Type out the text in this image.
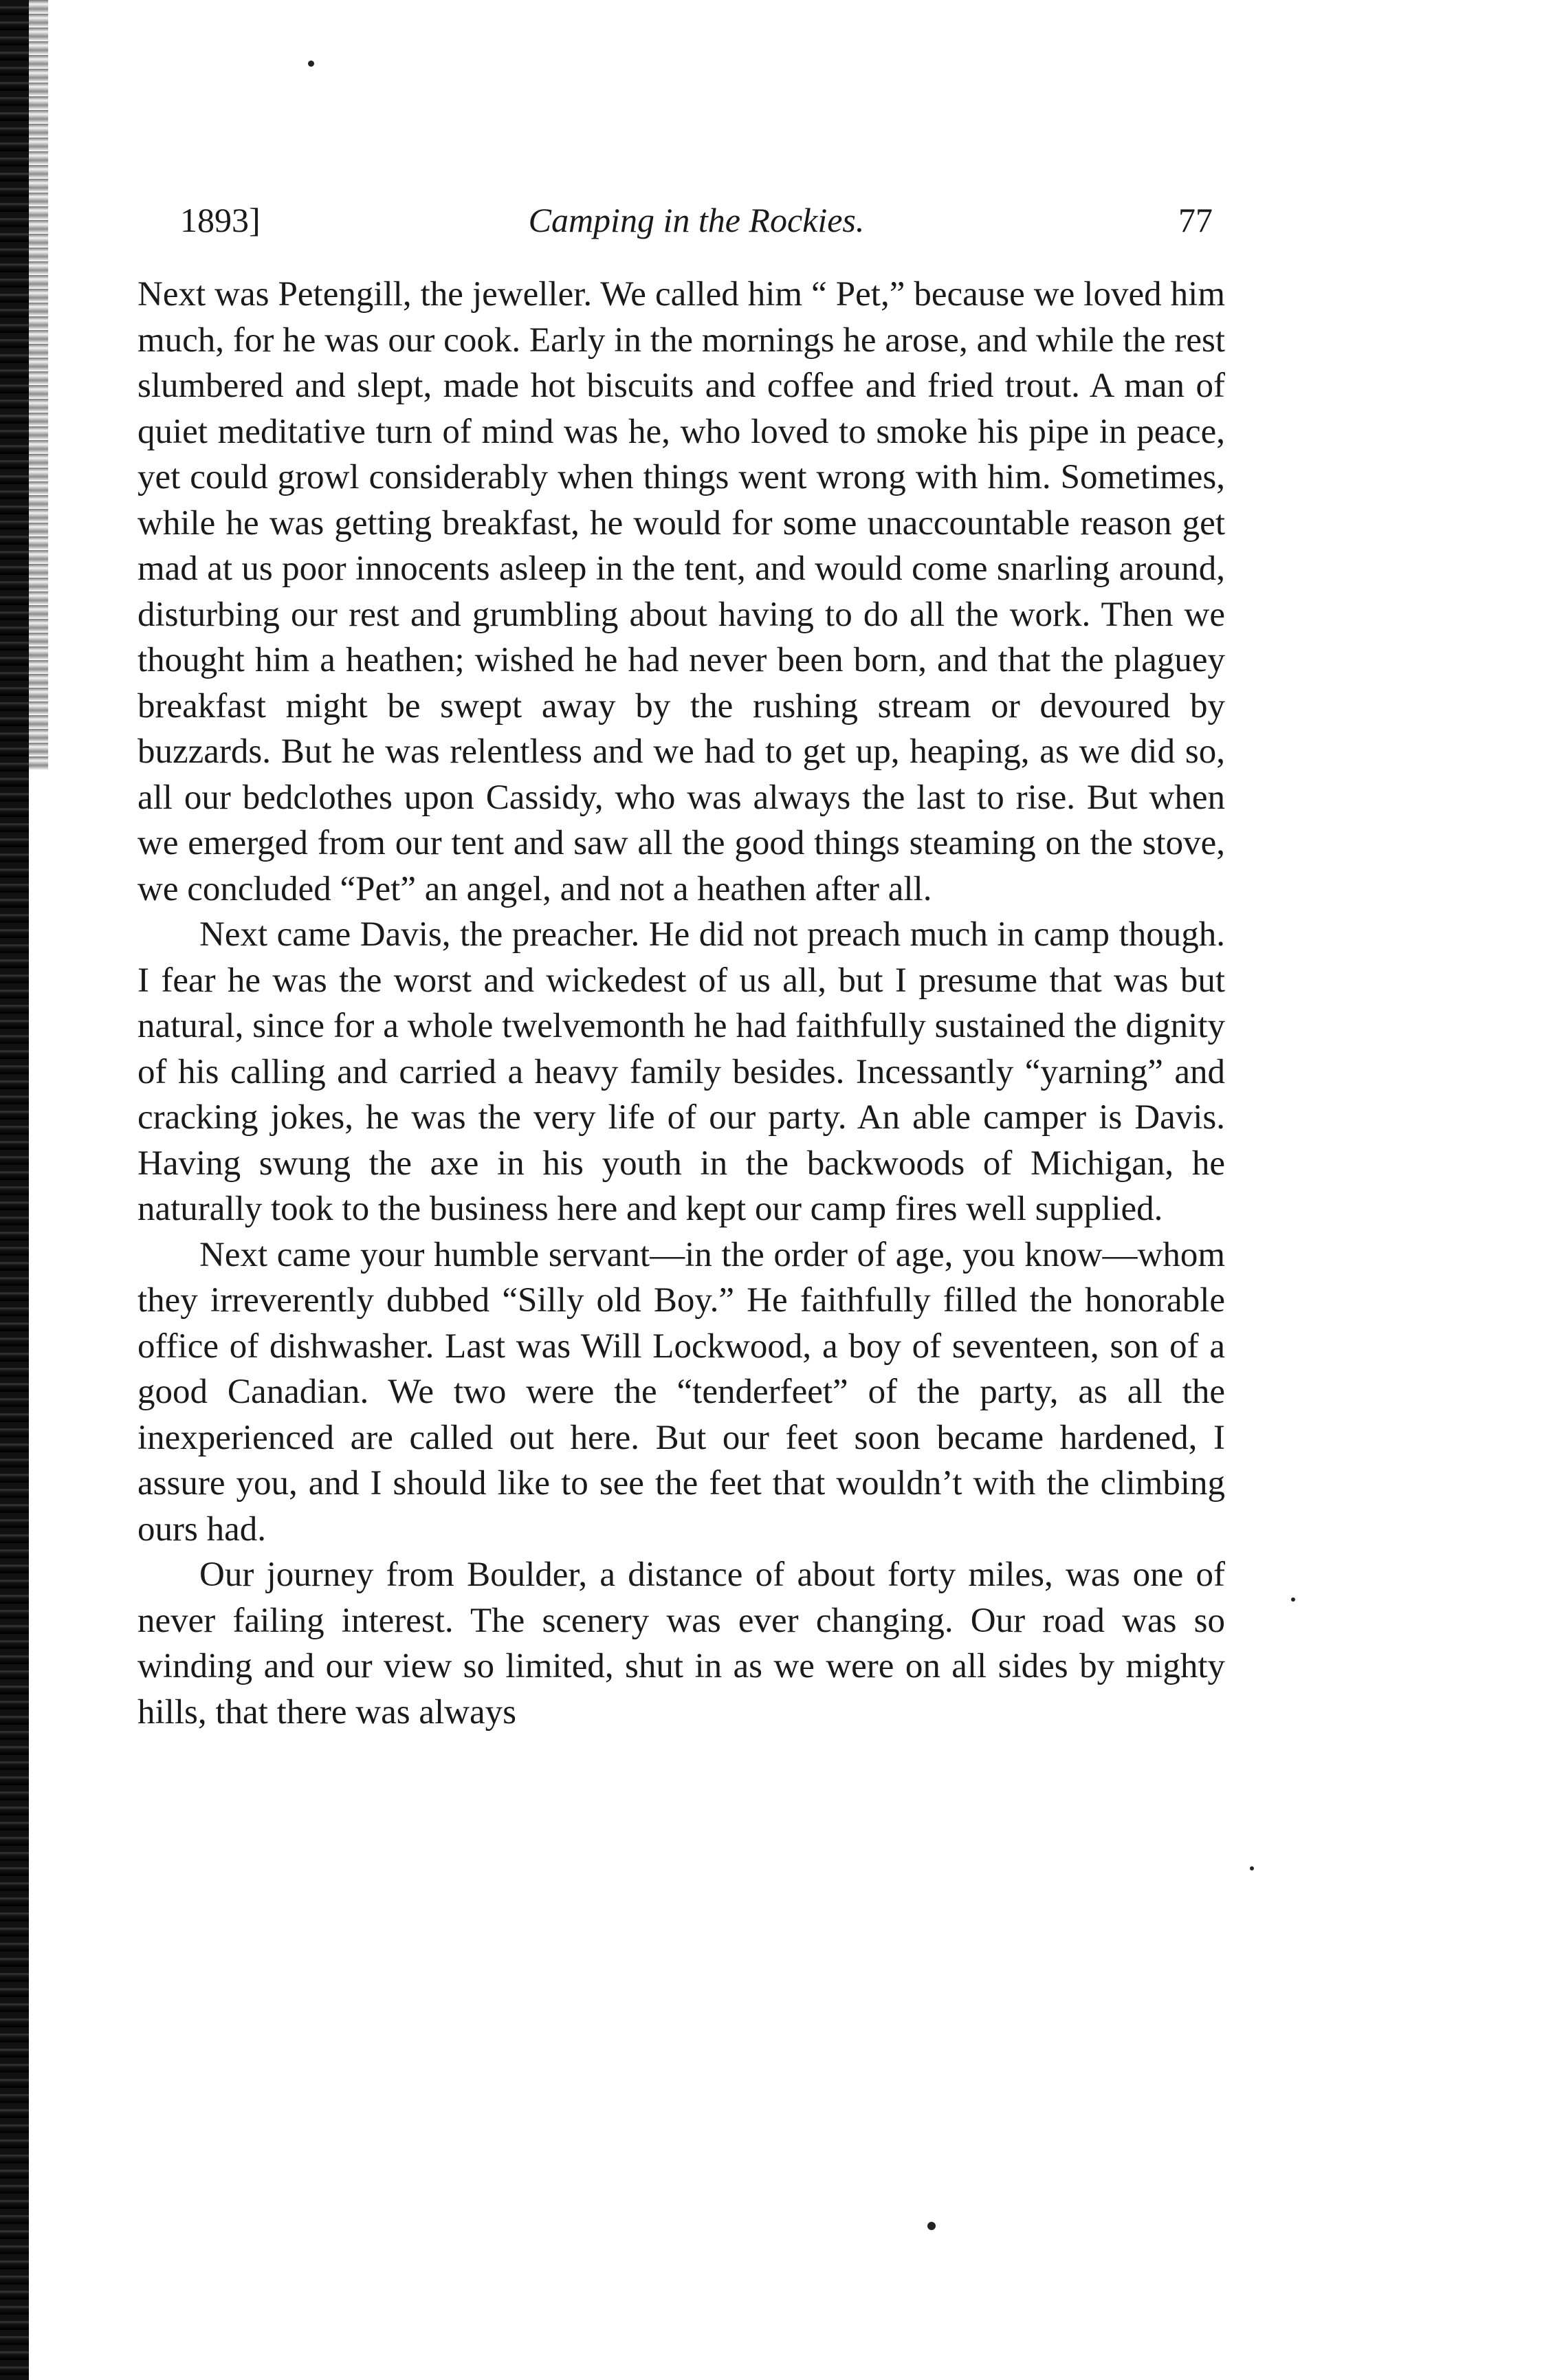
1893]	Camping in the Rockies.	77

Next was Petengill, the jeweller. We called him “ Pet,” because we loved him much, for he was our cook. Early in the mornings he arose, and while the rest slumbered and slept, made hot biscuits and coffee and fried trout. A man of quiet meditative turn of mind was he, who loved to smoke his pipe in peace, yet could growl considerably when things went wrong with him. Sometimes, while he was getting breakfast, he would for some unaccountable reason get mad at us poor innocents asleep in the tent, and would come snarling around, disturbing our rest and grumbling about having to do all the work. Then we thought him a heathen; wished he had never been born, and that the plaguey breakfast might be swept away by the rushing stream or devoured by buzzards. But he was relentless and we had to get up, heaping, as we did so, all our bedclothes upon Cassidy, who was always the last to rise. But when we emerged from our tent and saw all the good things steaming on the stove, we concluded “Pet” an angel, and not a heathen after all.

Next came Davis, the preacher. He did not preach much in camp though. I fear he was the worst and wickedest of us all, but I presume that was but natural, since for a whole twelvemonth he had faithfully sustained the dignity of his calling and carried a heavy family besides. Incessantly “yarning” and cracking jokes, he was the very life of our party. An able camper is Davis. Having swung the axe in his youth in the backwoods of Michigan, he naturally took to the business here and kept our camp fires well supplied.

Next came your humble servant—in the order of age, you know—whom they irreverently dubbed “Silly old Boy.” He faithfully filled the honorable office of dishwasher. Last was Will Lockwood, a boy of seventeen, son of a good Canadian. We two were the “tenderfeet” of the party, as all the inexperienced are called out here. But our feet soon became hardened, I assure you, and I should like to see the feet that wouldn’t with the climbing ours had.

Our journey from Boulder, a distance of about forty miles, was one of never failing interest. The scenery was ever changing. Our road was so winding and our view so limited, shut in as we were on all sides by mighty hills, that there was always
